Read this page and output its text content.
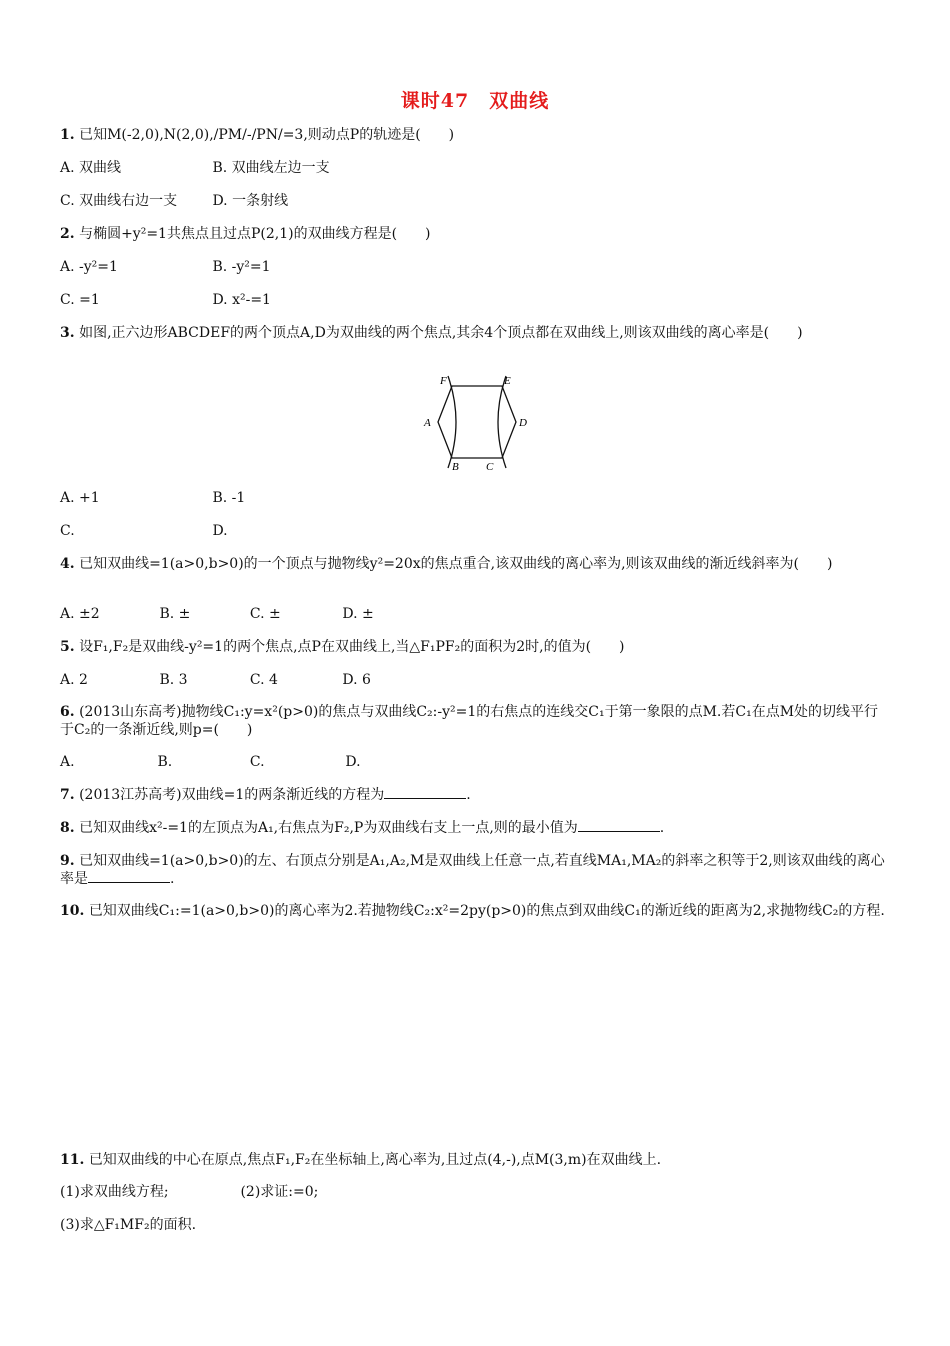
课时47　双曲线
1. 已知M(-2,0),N(2,0),/PM/-/PN/=3,则动点P的轨迹是(　　)
A. 双曲线	B. 双曲线左边一支
C. 双曲线右边一支	D. 一条射线
2. 与椭圆+y²=1共焦点且过点P(2,1)的双曲线方程是(　　)
A. -y²=1	B. -y²=1
C. =1	D. x²-=1
3. 如图,正六边形ABCDEF的两个顶点A,D为双曲线的两个焦点,其余4个顶点都在双曲线上,则该双曲线的离心率是(　　)
F	E
A	D
B C
A. +1	B. -1
C.	D.
4. 已知双曲线=1(a>0,b>0)的一个顶点与抛物线y²=20x的焦点重合,该双曲线的离心率为,则该双曲线的渐近线斜率为(　　)
A. ±2	B. ±	C. ±	D. ±
5. 设F₁,F₂是双曲线-y²=1的两个焦点,点P在双曲线上,当△F₁PF₂的面积为2时,的值为(　　)
A. 2	B. 3	C. 4	D. 6
6. (2013山东高考)抛物线C₁:y=x²(p>0)的焦点与双曲线C₂:-y²=1的右焦点的连线交C₁于第一象限的点M.若C₁在点M处的切线平行于C₂的一条渐近线,则p=(　　)
A.	B.	C.	D.
7. (2013江苏高考)双曲线=1的两条渐近线的方程为	.
8. 已知双曲线x²-=1的左顶点为A₁,右焦点为F₂,P为双曲线右支上一点,则的最小值为	.
9. 已知双曲线=1(a>0,b>0)的左、右顶点分别是A₁,A₂,M是双曲线上任意一点,若直线MA₁,MA₂的斜率之积等于2,则该双曲线的离心率是	.
10. 已知双曲线C₁:=1(a>0,b>0)的离心率为2.若抛物线C₂:x²=2py(p>0)的焦点到双曲线C₁的渐近线的距离为2,求抛物线C₂的方程.
11. 已知双曲线的中心在原点,焦点F₁,F₂在坐标轴上,离心率为,且过点(4,-),点M(3,m)在双曲线上.
(1)求双曲线方程;	(2)求证:=0;
(3)求△F₁MF₂的面积.
